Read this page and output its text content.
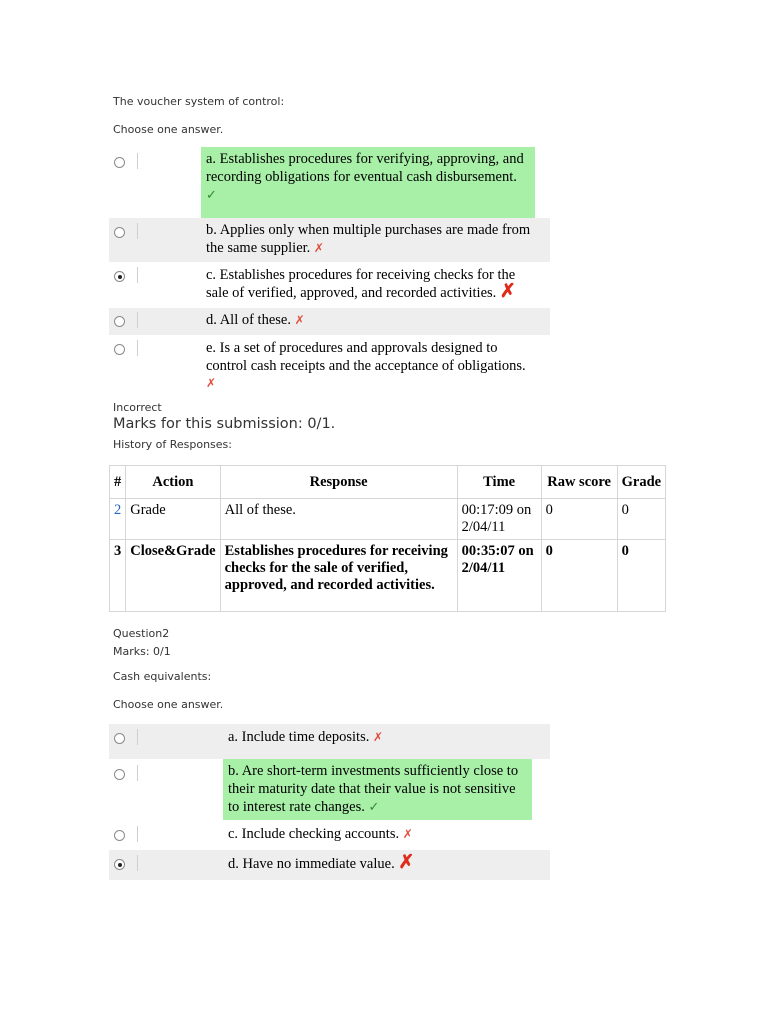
The voucher system of control:
Choose one answer.
a. Establishes procedures for verifying, approving, and recording obligations for eventual cash disbursement. ✓
b. Applies only when multiple purchases are made from the same supplier. ✗
c. Establishes procedures for receiving checks for the sale of verified, approved, and recorded activities. ✗
d. All of these. ✗
e. Is a set of procedures and approvals designed to control cash receipts and the acceptance of obligations. ✗
Incorrect
Marks for this submission: 0/1.
History of Responses:
#	Action	Response	Time	Raw score	Grade
2	Grade	All of these.	00:17:09 on 2/04/11	0	0
3	Close&Grade	Establishes procedures for receiving checks for the sale of verified, approved, and recorded activities.	00:35:07 on 2/04/11	0	0
Question2
Marks: 0/1
Cash equivalents:
Choose one answer.
a. Include time deposits. ✗
b. Are short-term investments sufficiently close to their maturity date that their value is not sensitive to interest rate changes. ✓
c. Include checking accounts. ✗
d. Have no immediate value. ✗
